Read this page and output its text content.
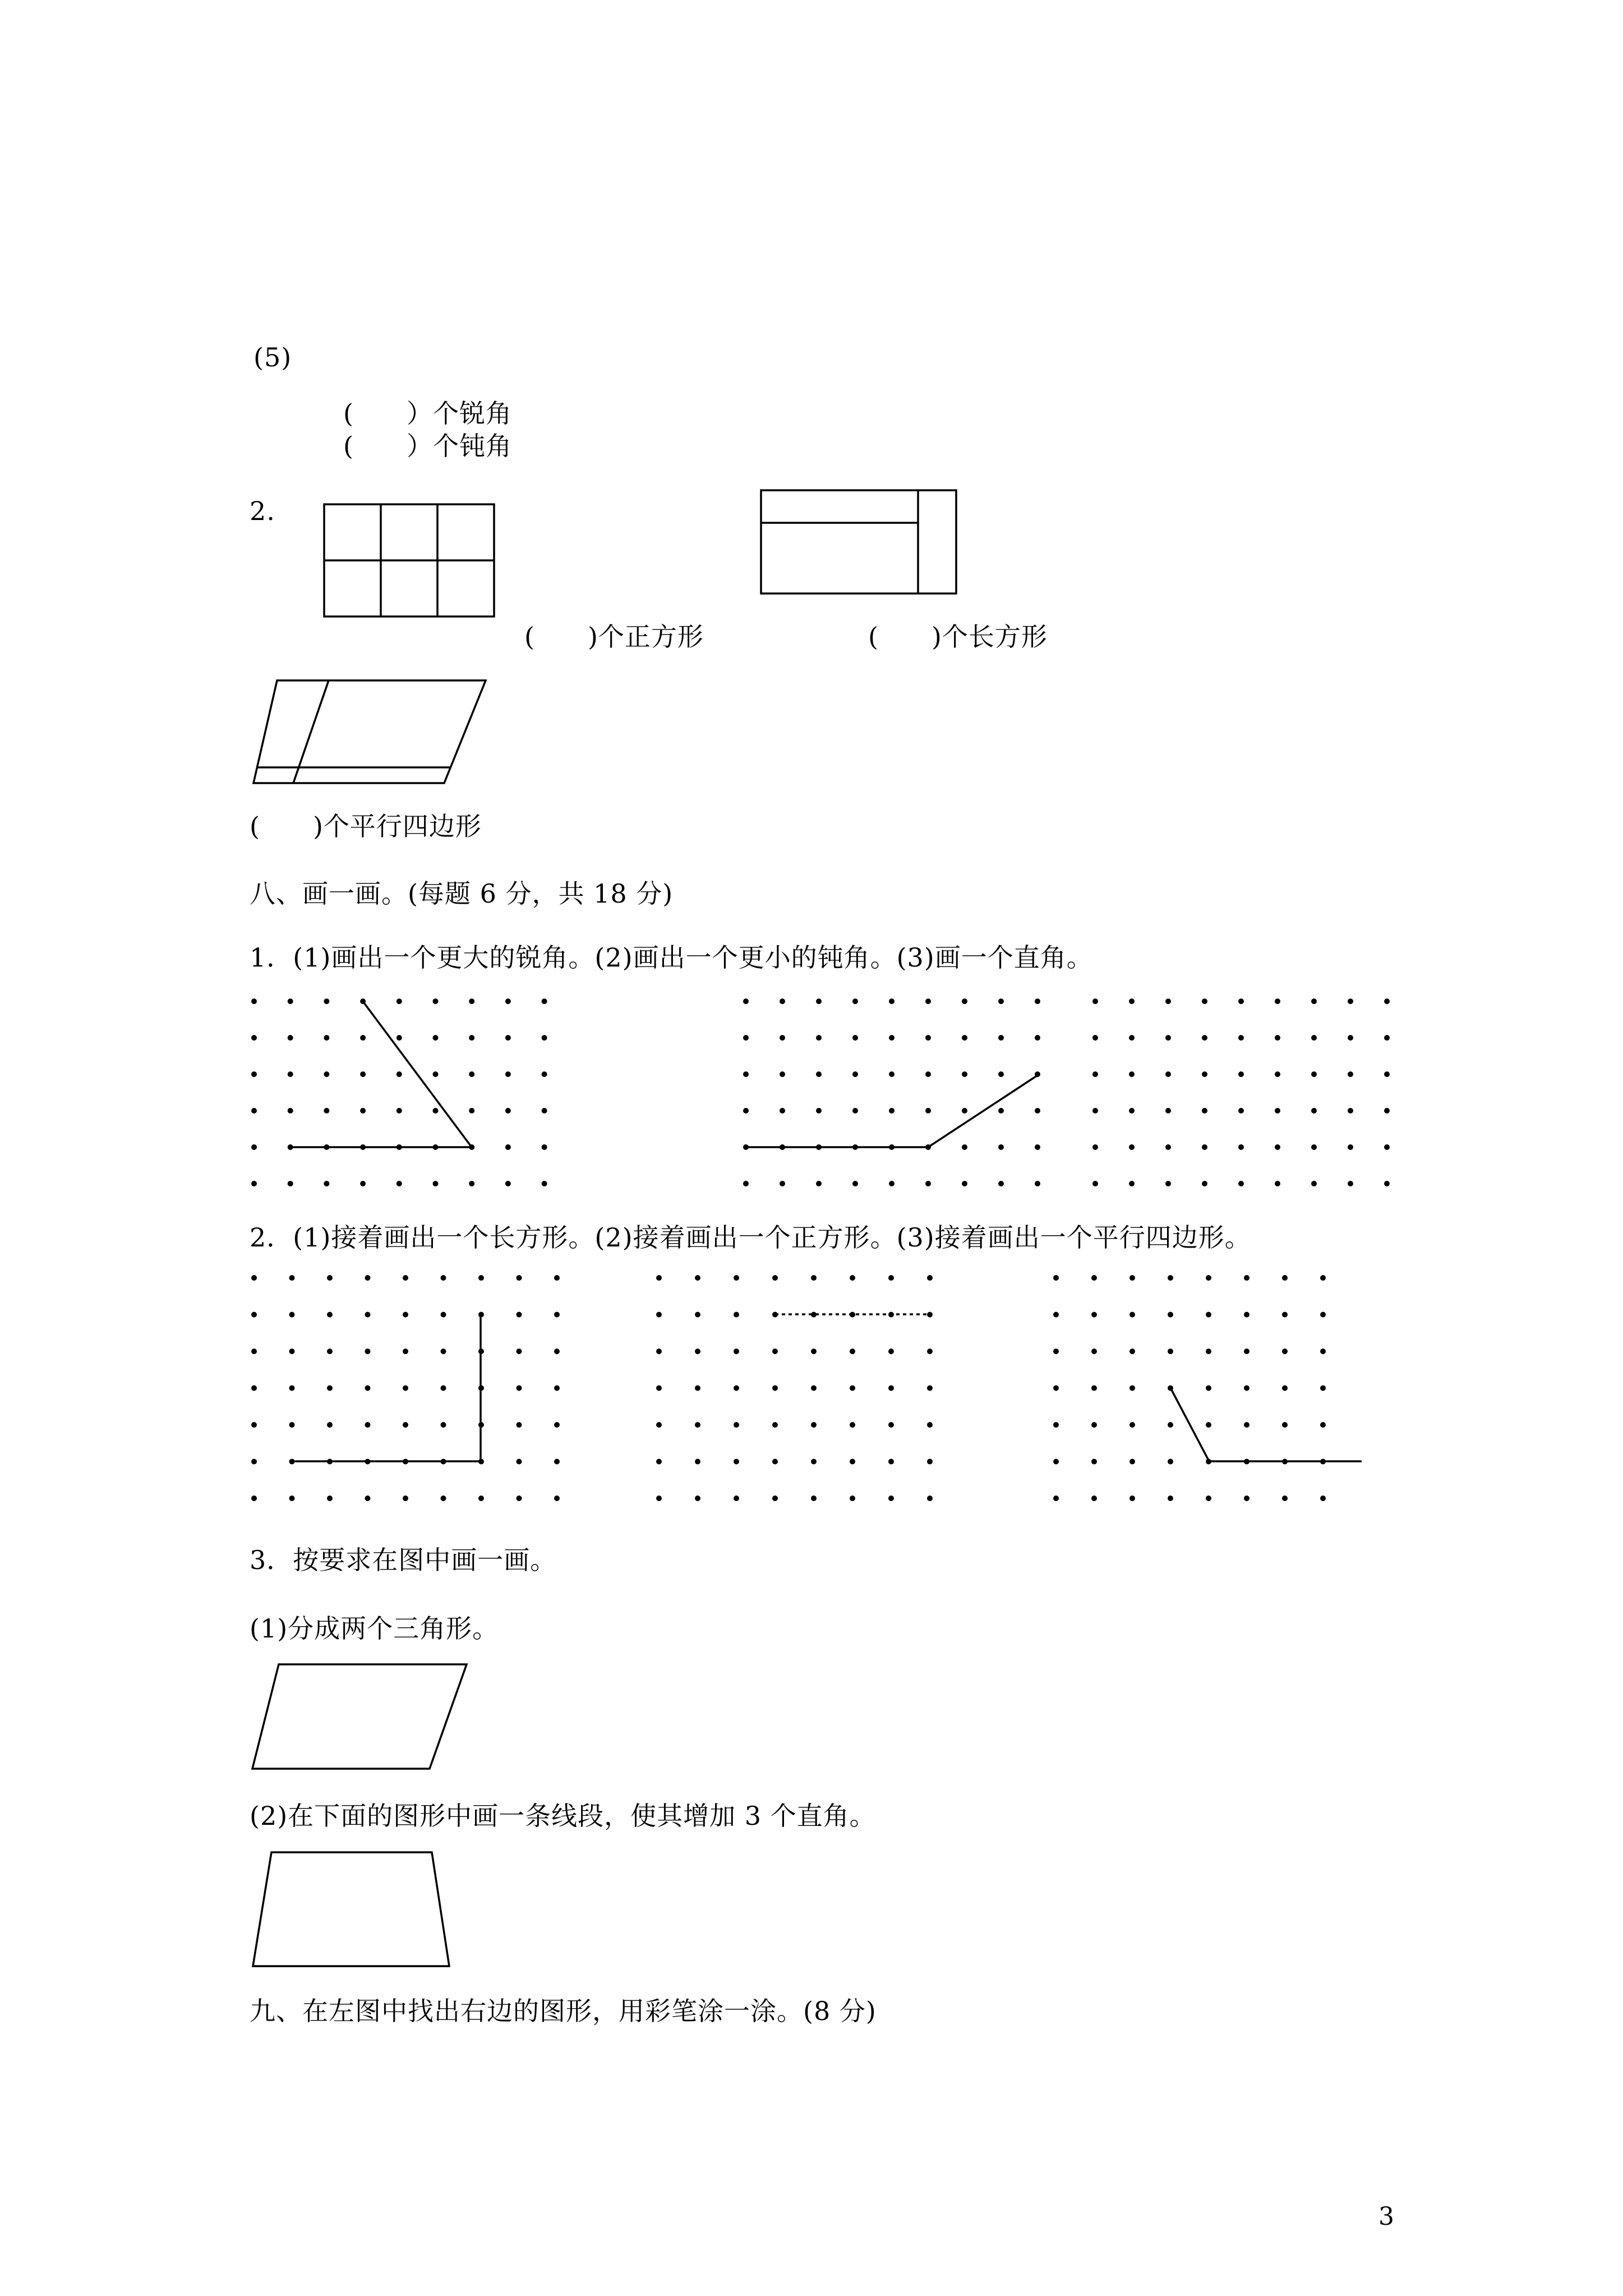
(5)
(　　）个锐角
(　　）个钝角
2.
(　　)个正方形	(　　)个长方形
(　　)个平行四边形
八、画一画。(每题 6 分，共 18 分)
1．(1)画出一个更大的锐角。(2)画出一个更小的钝角。(3)画一个直角。
2．(1)接着画出一个长方形。(2)接着画出一个正方形。(3)接着画出一个平行四边形。
3．按要求在图中画一画。
(1)分成两个三角形。
(2)在下面的图形中画一条线段，使其增加 3 个直角。
九、在左图中找出右边的图形，用彩笔涂一涂。(8 分)
3
